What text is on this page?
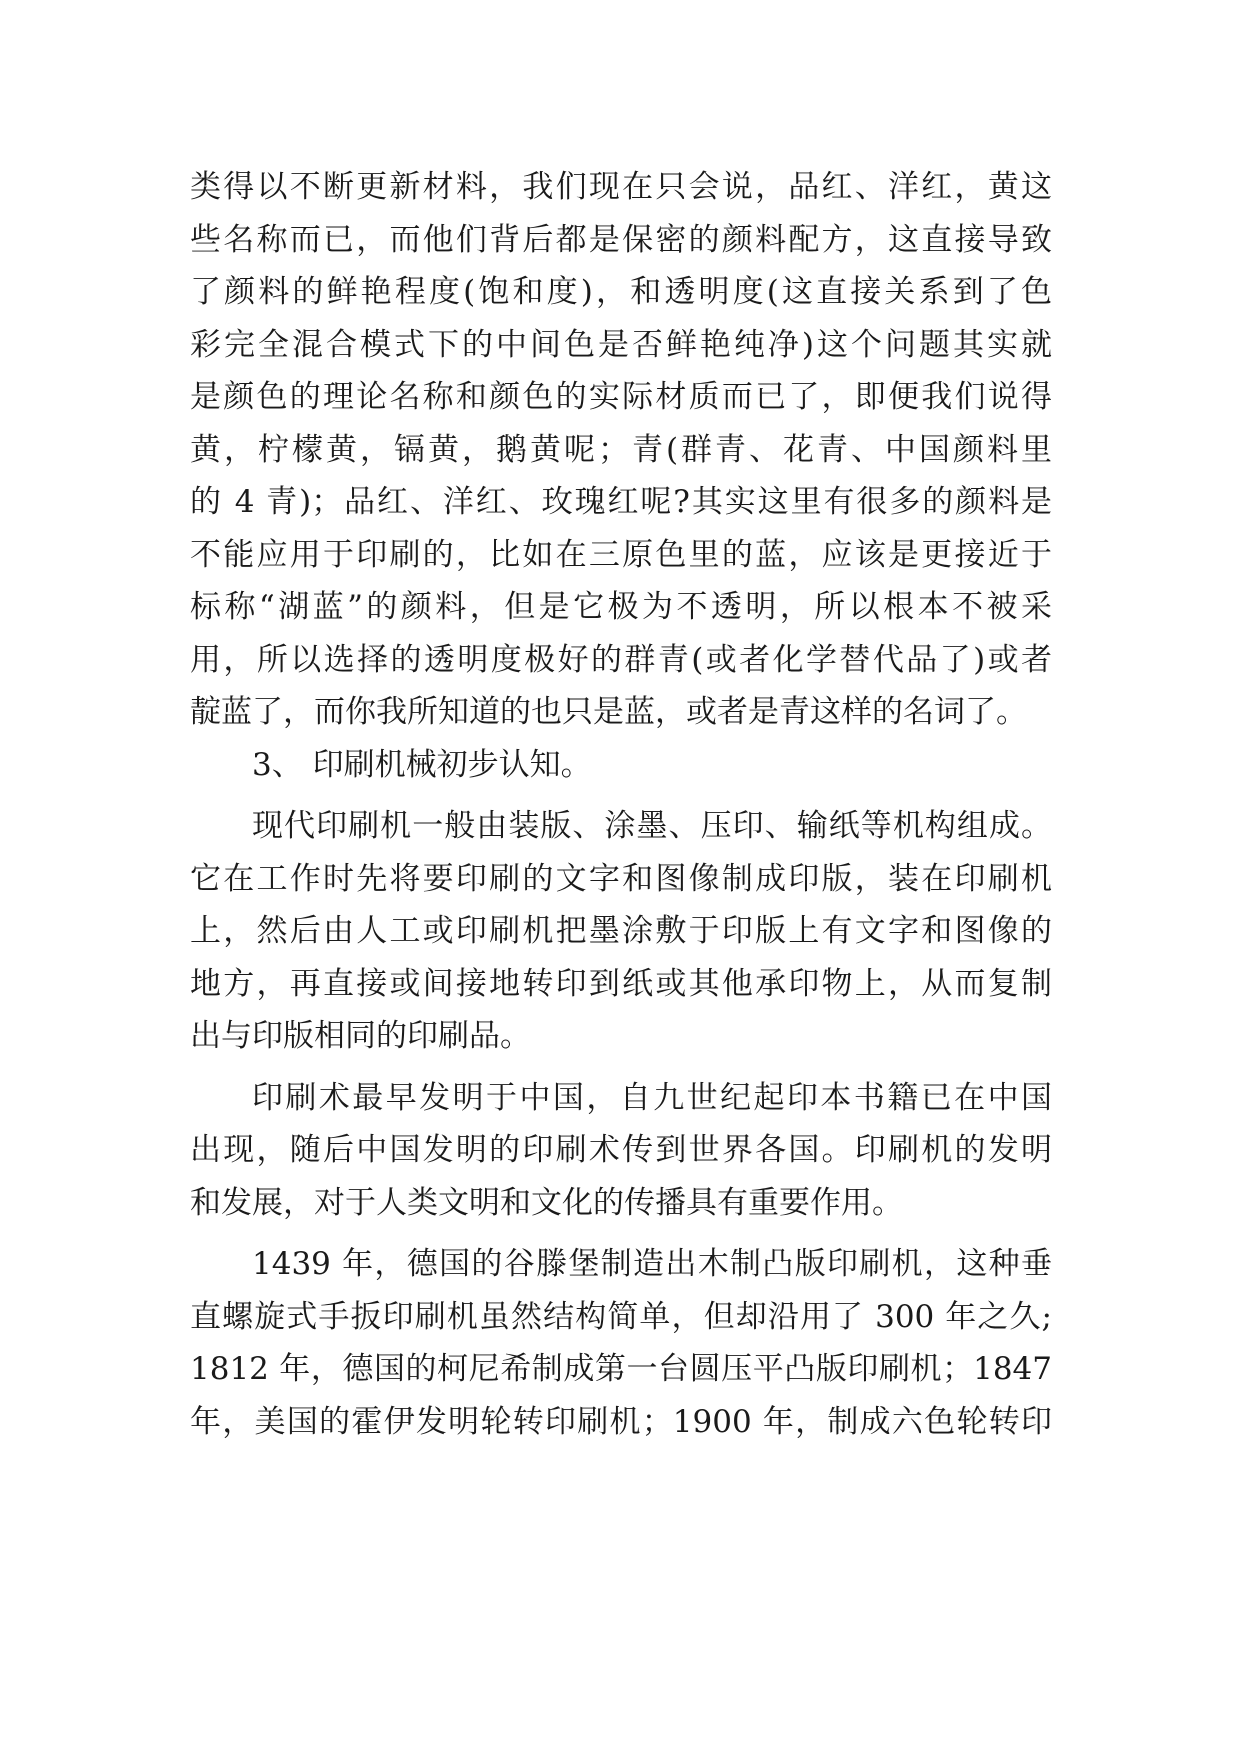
类得以不断更新材料，我们现在只会说，品红、洋红，黄这
些名称而已，而他们背后都是保密的颜料配方，这直接导致
了颜料的鲜艳程度(饱和度)，和透明度(这直接关系到了色
彩完全混合模式下的中间色是否鲜艳纯净)这个问题其实就
是颜色的理论名称和颜色的实际材质而已了，即便我们说得
黄，柠檬黄，镉黄，鹅黄呢；青(群青、花青、中国颜料里
的 4 青)；品红、洋红、玫瑰红呢?其实这里有很多的颜料是
不能应用于印刷的，比如在三原色里的蓝，应该是更接近于
标称“湖蓝”的颜料，但是它极为不透明，所以根本不被采
用，所以选择的透明度极好的群青(或者化学替代品了)或者
靛蓝了，而你我所知道的也只是蓝，或者是青这样的名词了。
3、 印刷机械初步认知。
现代印刷机一般由装版、涂墨、压印、输纸等机构组成。
它在工作时先将要印刷的文字和图像制成印版，装在印刷机
上，然后由人工或印刷机把墨涂敷于印版上有文字和图像的
地方，再直接或间接地转印到纸或其他承印物上，从而复制
出与印版相同的印刷品。
印刷术最早发明于中国，自九世纪起印本书籍已在中国
出现，随后中国发明的印刷术传到世界各国。印刷机的发明
和发展，对于人类文明和文化的传播具有重要作用。
1439 年，德国的谷滕堡制造出木制凸版印刷机，这种垂
直螺旋式手扳印刷机虽然结构简单，但却沿用了 300 年之久;
1812 年，德国的柯尼希制成第一台圆压平凸版印刷机；1847
年，美国的霍伊发明轮转印刷机；1900 年，制成六色轮转印
